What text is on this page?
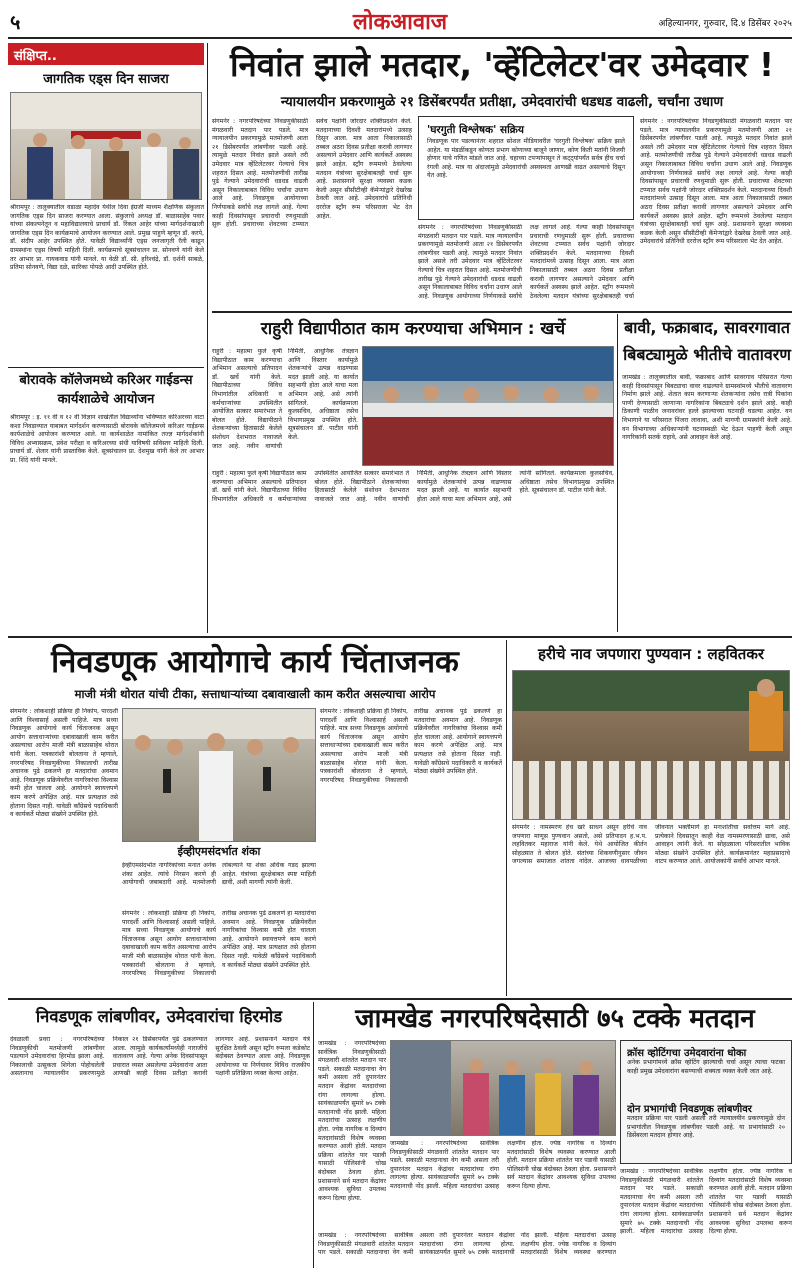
५	लोकआवाज	अहिल्यानगर, गुरुवार, दि.४ डिसेंबर २०२५
संक्षिप्त..
जागतिक एड्स दिन साजरा
श्रीरामपूर : तालुक्यातील वडाळा महादेव येथील दिवा इंग्रजी माध्यम शैक्षणिक संकुलात जागतिक एड्स दिन साजरा करण्यात आला. संकुलाचे अध्यक्ष डॉ. बाळासाहेब पवार यांच्या संकल्पनेतून व महाविद्यालयाचे प्राचार्य डॉ. रिंकल आहेर यांच्या मार्गदर्शनाखाली जागतिक एड्स दिन कार्यक्रमाचे आयोजन करण्यात आले. प्रमुख पाहुणे म्हणून डॉ. करपे, डॉ. संदीप आहेर उपस्थित होते. यावेळी विद्यार्थ्यांनी एड्स जनजागृती रॅली काढून ग्रामस्थांना एड्स विषयी माहिती दिली. कार्यक्रमाचे सूत्रसंचालन प्रा. सोनवणे यांनी केले तर आभार प्रा. गायकवाड यांनी मानले. या वेळी डॉ. सी. हरिश्चंद्रे, डॉ. दर्शनी साबळे, प्रतिमा सोनवणे, विद्या दळे, सारिका पोपळे आदी उपस्थित होते.
बोरावके कॉलेजमध्ये करिअर गाईडन्स कार्यशाळेचे आयोजन
श्रीरामपूर : इ. ११ वी व १२ वी विज्ञान शाखेतील विद्यार्थ्यांना भविष्यात करिअरच्या वाटा कशा निवडाव्यात याबाबत मार्गदर्शन करण्यासाठी बोरावके कॉलेजमध्ये करिअर गाईडन्स कार्यशाळेचे आयोजन करण्यात आले. या कार्यशाळेत नामांकित तज्ज्ञ मार्गदर्शकांनी विविध अभ्यासक्रम, प्रवेश परीक्षा व करिअरच्या संधी याविषयी सविस्तर माहिती दिली. प्राचार्य डॉ. शेलार यांनी प्रास्ताविक केले. सूत्रसंचालन प्रा. देशमुख यांनी केले तर आभार प्रा. शिंदे यांनी मानले.
निवांत झाले मतदार, 'व्हेंटिलेटर'वर उमेदवार !
न्यायालयीन प्रकरणामुळे २१ डिसेंबरपर्यंत प्रतीक्षा, उमेदवारांची धडधड वाढली, चर्चांना उधाण
संगमनेर : नगरपरिषदेच्या निवडणुकीसाठी मंगळवारी मतदान पार पडले. मात्र न्यायालयीन प्रकरणामुळे मतमोजणी आता २१ डिसेंबरपर्यंत लांबणीवर पडली आहे. त्यामुळे मतदार निवांत झाले असले तरी उमेदवार मात्र व्हेंटिलेटरवर गेल्याचे चित्र शहरात दिसत आहे. मतमोजणीची तारीख पुढे गेल्याने उमेदवारांची धडधड वाढली असून निकालाबाबत विविध चर्चांना उधाण आले आहे. निवडणूक आयोगाच्या निर्णयाकडे सर्वांचे लक्ष लागले आहे. गेल्या काही दिवसांपासून प्रचाराची रणधुमाळी सुरू होती. प्रचाराच्या शेवटच्या टप्प्यात सर्वच पक्षांनी जोरदार शक्तिप्रदर्शन केले. मतदानाच्या दिवशी मतदारांमध्ये उत्साह दिसून आला. मात्र आता निकालासाठी तब्बल अठरा दिवस प्रतीक्षा करावी लागणार असल्याने उमेदवार आणि कार्यकर्ते अस्वस्थ झाले आहेत. स्ट्राँग रूममध्ये ठेवलेल्या मतदान यंत्रांच्या सुरक्षेबाबतही चर्चा सुरू आहे. प्रशासनाने सुरक्षा व्यवस्था कडक केली असून सीसीटीव्ही कॅमेऱ्यांद्वारे देखरेख ठेवली जात आहे. उमेदवारांचे प्रतिनिधी दररोज स्ट्राँग रूम परिसराला भेट देत आहेत.
'घरगुती विश्लेषक' सक्रिय
निवडणूक पार पडल्यानंतर शहरात सोशल मीडियावरील 'घरगुती विश्लेषक' सक्रिय झाले आहेत. या मंडळींकडून कोणता प्रभाग कोणाच्या बाजूने जाणार, कोण किती मतांनी विजयी होणार याचे गणित मांडले जात आहे. चहाच्या टपऱ्यांपासून ते कट्ट्यांपर्यंत सर्वत्र हीच चर्चा रंगली आहे. मात्र या अंदाजांमुळे उमेदवारांची अस्वस्थता आणखी वाढत असल्याचे दिसून येत आहे.
संगमनेर : नगरपरिषदेच्या निवडणुकीसाठी मंगळवारी मतदान पार पडले. मात्र न्यायालयीन प्रकरणामुळे मतमोजणी आता २१ डिसेंबरपर्यंत लांबणीवर पडली आहे. त्यामुळे मतदार निवांत झाले असले तरी उमेदवार मात्र व्हेंटिलेटरवर गेल्याचे चित्र शहरात दिसत आहे. मतमोजणीची तारीख पुढे गेल्याने उमेदवारांची धडधड वाढली असून निकालाबाबत विविध चर्चांना उधाण आले आहे. निवडणूक आयोगाच्या निर्णयाकडे सर्वांचे लक्ष लागले आहे. गेल्या काही दिवसांपासून प्रचाराची रणधुमाळी सुरू होती. प्रचाराच्या शेवटच्या टप्प्यात सर्वच पक्षांनी जोरदार शक्तिप्रदर्शन केले. मतदानाच्या दिवशी मतदारांमध्ये उत्साह दिसून आला. मात्र आता निकालासाठी तब्बल अठरा दिवस प्रतीक्षा करावी लागणार असल्याने उमेदवार आणि कार्यकर्ते अस्वस्थ झाले आहेत. स्ट्राँग रूममध्ये ठेवलेल्या मतदान यंत्रांच्या सुरक्षेबाबतही चर्चा
संगमनेर : नगरपरिषदेच्या निवडणुकीसाठी मंगळवारी मतदान पार पडले. मात्र न्यायालयीन प्रकरणामुळे मतमोजणी आता २१ डिसेंबरपर्यंत लांबणीवर पडली आहे. त्यामुळे मतदार निवांत झाले असले तरी उमेदवार मात्र व्हेंटिलेटरवर गेल्याचे चित्र शहरात दिसत आहे. मतमोजणीची तारीख पुढे गेल्याने उमेदवारांची धडधड वाढली असून निकालाबाबत विविध चर्चांना उधाण आले आहे. निवडणूक आयोगाच्या निर्णयाकडे सर्वांचे लक्ष लागले आहे. गेल्या काही दिवसांपासून प्रचाराची रणधुमाळी सुरू होती. प्रचाराच्या शेवटच्या टप्प्यात सर्वच पक्षांनी जोरदार शक्तिप्रदर्शन केले. मतदानाच्या दिवशी मतदारांमध्ये उत्साह दिसून आला. मात्र आता निकालासाठी तब्बल अठरा दिवस प्रतीक्षा करावी लागणार असल्याने उमेदवार आणि कार्यकर्ते अस्वस्थ झाले आहेत. स्ट्राँग रूममध्ये ठेवलेल्या मतदान यंत्रांच्या सुरक्षेबाबतही चर्चा सुरू आहे. प्रशासनाने सुरक्षा व्यवस्था कडक केली असून सीसीटीव्ही कॅमेऱ्यांद्वारे देखरेख ठेवली जात आहे. उमेदवारांचे प्रतिनिधी दररोज स्ट्राँग रूम परिसराला भेट देत आहेत.
राहुरी विद्यापीठात काम करण्याचा अभिमान : खर्चे
राहुरी : महात्मा फुले कृषी विद्यापीठात काम करण्याचा अभिमान असल्याचे प्रतिपादन डॉ. खर्चे यांनी केले. विद्यापीठाच्या विविध विभागांतील अधिकारी व कर्मचाऱ्यांच्या उपस्थितीत आयोजित सत्कार समारंभात ते बोलत होते. विद्यापीठाने शेतकऱ्यांच्या हितासाठी केलेले संशोधन देशभरात नावाजले जात आहे. नवीन वाणांची निर्मिती, आधुनिक तंत्रज्ञान आणि विस्तार कार्यामुळे शेतकऱ्यांचे उत्पन्न वाढण्यास मदत झाली आहे. या कार्यात सहभागी होता आले याचा मला अभिमान आहे, असे त्यांनी सांगितले. कार्यक्रमाला कुलसचिव, अधिष्ठाता तसेच विभागप्रमुख उपस्थित होते. सूत्रसंचालन डॉ. पाटील यांनी केले.
राहुरी : महात्मा फुले कृषी विद्यापीठात काम करण्याचा अभिमान असल्याचे प्रतिपादन डॉ. खर्चे यांनी केले. विद्यापीठाच्या विविध विभागांतील अधिकारी व कर्मचाऱ्यांच्या उपस्थितीत आयोजित सत्कार समारंभात ते बोलत होते. विद्यापीठाने शेतकऱ्यांच्या हितासाठी केलेले संशोधन देशभरात नावाजले जात आहे. नवीन वाणांची निर्मिती, आधुनिक तंत्रज्ञान आणि विस्तार कार्यामुळे शेतकऱ्यांचे उत्पन्न वाढण्यास मदत झाली आहे. या कार्यात सहभागी होता आले याचा मला अभिमान आहे, असे त्यांनी सांगितले. कार्यक्रमाला कुलसचिव, अधिष्ठाता तसेच विभागप्रमुख उपस्थित होते. सूत्रसंचालन डॉ. पाटील यांनी केले.
बावी, फक्राबाद, सावरगावात बिबट्यामुळे भीतीचे वातावरण
जामखेड : तालुक्यातील बावी, फक्राबाद आणि सावरगाव परिसरात गेल्या काही दिवसांपासून बिबट्याचा वावर वाढल्याने ग्रामस्थांमध्ये भीतीचे वातावरण निर्माण झाले आहे. शेतात काम करणाऱ्या शेतकऱ्यांना तसेच रात्री पिकांना पाणी देण्यासाठी जाणाऱ्या नागरिकांना बिबट्याचे दर्शन झाले आहे. काही ठिकाणी पाळीव जनावरांवर हल्ले झाल्याच्या घटनाही घडल्या आहेत. वन विभागाने या परिसरात पिंजरा लावावा, अशी मागणी ग्रामस्थांनी केली आहे. वन विभागाच्या अधिकाऱ्यांनी घटनास्थळी भेट देऊन पाहणी केली असून नागरिकांनी सतर्क राहावे, असे आवाहन केले आहे.
निवडणूक आयोगाचे कार्य चिंताजनक
माजी मंत्री थोरात यांची टीका, सत्ताधाऱ्यांच्या दबावाखाली काम करीत असल्याचा आरोप
संगमनेर : लोकशाही प्रक्रिया ही निकोप, पारदर्शी आणि विश्वासार्ह असली पाहिजे. मात्र सध्या निवडणूक आयोगाचे कार्य चिंताजनक असून आयोग सत्ताधाऱ्यांच्या दबावाखाली काम करीत असल्याचा आरोप माजी मंत्री बाळासाहेब थोरात यांनी केला. पत्रकारांशी बोलताना ते म्हणाले, नगरपरिषद निवडणुकीच्या निकालाची तारीख अचानक पुढे ढकलणे हा मतदारांचा अवमान आहे. निवडणूक प्रक्रियेवरील नागरिकांचा विश्वास कमी होत चालला आहे. आयोगाने स्वायत्तपणे काम करणे अपेक्षित आहे. मात्र प्रत्यक्षात तसे होताना दिसत नाही. यावेळी काँग्रेसचे पदाधिकारी व कार्यकर्ते मोठ्या संख्येने उपस्थित होते.
ईव्हीएमसंदर्भात शंका
ईव्हीएमसंदर्भात नागरिकांच्या मनात अनेक शंका आहेत. त्यांचे निरसन करणे ही आयोगाची जबाबदारी आहे. मतमोजणी लांबल्याने या शंका अधिक गडद झाल्या आहेत. यंत्रांच्या सुरक्षेबाबत स्पष्ट माहिती द्यावी, अशी मागणी त्यांनी केली.
संगमनेर : लोकशाही प्रक्रिया ही निकोप, पारदर्शी आणि विश्वासार्ह असली पाहिजे. मात्र सध्या निवडणूक आयोगाचे कार्य चिंताजनक असून आयोग सत्ताधाऱ्यांच्या दबावाखाली काम करीत असल्याचा आरोप माजी मंत्री बाळासाहेब थोरात यांनी केला. पत्रकारांशी बोलताना ते म्हणाले, नगरपरिषद निवडणुकीच्या निकालाची तारीख अचानक पुढे ढकलणे हा मतदारांचा अवमान आहे. निवडणूक प्रक्रियेवरील नागरिकांचा विश्वास कमी होत चालला आहे. आयोगाने स्वायत्तपणे काम करणे अपेक्षित आहे. मात्र प्रत्यक्षात तसे होताना दिसत नाही. यावेळी काँग्रेसचे पदाधिकारी व कार्यकर्ते मोठ्या संख्येने उपस्थित होते.
संगमनेर : लोकशाही प्रक्रिया ही निकोप, पारदर्शी आणि विश्वासार्ह असली पाहिजे. मात्र सध्या निवडणूक आयोगाचे कार्य चिंताजनक असून आयोग सत्ताधाऱ्यांच्या दबावाखाली काम करीत असल्याचा आरोप माजी मंत्री बाळासाहेब थोरात यांनी केला. पत्रकारांशी बोलताना ते म्हणाले, नगरपरिषद निवडणुकीच्या निकालाची तारीख अचानक पुढे ढकलणे हा मतदारांचा अवमान आहे. निवडणूक प्रक्रियेवरील नागरिकांचा विश्वास कमी होत चालला आहे. आयोगाने स्वायत्तपणे काम करणे अपेक्षित आहे. मात्र प्रत्यक्षात तसे होताना दिसत नाही. यावेळी काँग्रेसचे पदाधिकारी व कार्यकर्ते मोठ्या संख्येने उपस्थित होते.
हरीचे नाव जपणारा पुण्यवान : लहवितकर
संगमनेर : नामस्मरण हेच खरे साधन असून हरीचे नाव जपणारा माणूस पुण्यवान असतो, असे प्रतिपादन ह.भ.प. लहवितकर महाराज यांनी केले. येथे आयोजित कीर्तन सोहळ्यात ते बोलत होते. संतांच्या शिकवणीनुसार जीवन जगल्यास समाजात शांतता नांदेल. आजच्या धावपळीच्या जीवनात भक्तीमार्ग हा मनःशांतीचा सर्वोत्तम मार्ग आहे. प्रत्येकाने दिवसातून काही वेळ नामस्मरणासाठी द्यावा, असे आवाहन त्यांनी केले. या सोहळ्याला परिसरातील भाविक मोठ्या संख्येने उपस्थित होते. कार्यक्रमानंतर महाप्रसादाचे वाटप करण्यात आले. आयोजकांनी सर्वांचे आभार मानले.
निवडणूक लांबणीवर, उमेदवारांचा हिरमोड
देवळाली प्रवरा : नगरपरिषदेच्या निवडणुकीची मतमोजणी लांबणीवर पडल्याने उमेदवारांचा हिरमोड झाला आहे. निकालाची उत्सुकता शिगेला पोहोचलेली असतानाच न्यायालयीन प्रकरणामुळे निकाल २१ डिसेंबरपर्यंत पुढे ढकलण्यात आला. त्यामुळे कार्यकर्त्यांमध्येही नाराजीचे वातावरण आहे. गेल्या अनेक दिवसांपासून प्रचारात व्यस्त असलेल्या उमेदवारांना आता आणखी काही दिवस प्रतीक्षा करावी लागणार आहे. प्रशासनाने मतदान यंत्रे सुरक्षित ठेवली असून स्ट्राँग रूमला कडेकोट बंदोबस्त ठेवण्यात आला आहे. निवडणूक आयोगाच्या या निर्णयावर विविध राजकीय पक्षांनी प्रतिक्रिया व्यक्त केल्या आहेत.
जामखेड नगरपरिषदेसाठी ७५ टक्के मतदान
जामखेड : नगरपरिषदेच्या सार्वत्रिक निवडणुकीसाठी मंगळवारी शांततेत मतदान पार पडले. सकाळी मतदानाचा वेग कमी असला तरी दुपारनंतर मतदान केंद्रांवर मतदारांच्या रांगा लागल्या होत्या. सायंकाळपर्यंत सुमारे ७५ टक्के मतदानाची नोंद झाली. महिला मतदारांचा उत्साह लक्षणीय होता. ज्येष्ठ नागरिक व दिव्यांग मतदारांसाठी विशेष व्यवस्था करण्यात आली होती. मतदान प्रक्रिया शांततेत पार पडावी यासाठी पोलिसांनी चोख बंदोबस्त ठेवला होता. प्रशासनाने सर्व मतदान केंद्रांवर आवश्यक सुविधा उपलब्ध करून दिल्या होत्या.
जामखेड : नगरपरिषदेच्या सार्वत्रिक निवडणुकीसाठी मंगळवारी शांततेत मतदान पार पडले. सकाळी मतदानाचा वेग कमी असला तरी दुपारनंतर मतदान केंद्रांवर मतदारांच्या रांगा लागल्या होत्या. सायंकाळपर्यंत सुमारे ७५ टक्के मतदानाची नोंद झाली. महिला मतदारांचा उत्साह लक्षणीय होता. ज्येष्ठ नागरिक व दिव्यांग मतदारांसाठी विशेष व्यवस्था करण्यात आली होती. मतदान प्रक्रिया शांततेत पार पडावी यासाठी पोलिसांनी चोख बंदोबस्त ठेवला होता. प्रशासनाने सर्व मतदान केंद्रांवर आवश्यक सुविधा उपलब्ध करून दिल्या होत्या.
क्रॉस व्होटिंगचा उमेदवारांना धोका
अनेक प्रभागांमध्ये क्रॉस व्होटिंग झाल्याची चर्चा असून त्याचा फटका काही प्रमुख उमेदवारांना बसण्याची शक्यता व्यक्त केली जात आहे.
दोन प्रभागांची निवडणूक लांबणीवर
मतदान प्रक्रिया पार पडली असली तरी न्यायालयीन प्रकरणामुळे दोन प्रभागांतील निवडणूक लांबणीवर पडली आहे. या प्रभागांसाठी २० डिसेंबरला मतदान होणार आहे.
जामखेड : नगरपरिषदेच्या सार्वत्रिक निवडणुकीसाठी मंगळवारी शांततेत मतदान पार पडले. सकाळी मतदानाचा वेग कमी असला तरी दुपारनंतर मतदान केंद्रांवर मतदारांच्या रांगा लागल्या होत्या. सायंकाळपर्यंत सुमारे ७५ टक्के मतदानाची नोंद झाली. महिला मतदारांचा उत्साह लक्षणीय होता. ज्येष्ठ नागरिक व दिव्यांग मतदारांसाठी विशेष व्यवस्था करण्यात आली होती. मतदान प्रक्रिया शांततेत पार पडावी यासाठी पोलिसांनी चोख बंदोबस्त ठेवला होता. प्रशासनाने सर्व मतदान केंद्रांवर आवश्यक सुविधा उपलब्ध करून दिल्या होत्या.
जामखेड : नगरपरिषदेच्या सार्वत्रिक निवडणुकीसाठी मंगळवारी शांततेत मतदान पार पडले. सकाळी मतदानाचा वेग कमी असला तरी दुपारनंतर मतदान केंद्रांवर मतदारांच्या रांगा लागल्या होत्या. सायंकाळपर्यंत सुमारे ७५ टक्के मतदानाची नोंद झाली. महिला मतदारांचा उत्साह लक्षणीय होता. ज्येष्ठ नागरिक व दिव्यांग मतदारांसाठी विशेष व्यवस्था करण्यात
